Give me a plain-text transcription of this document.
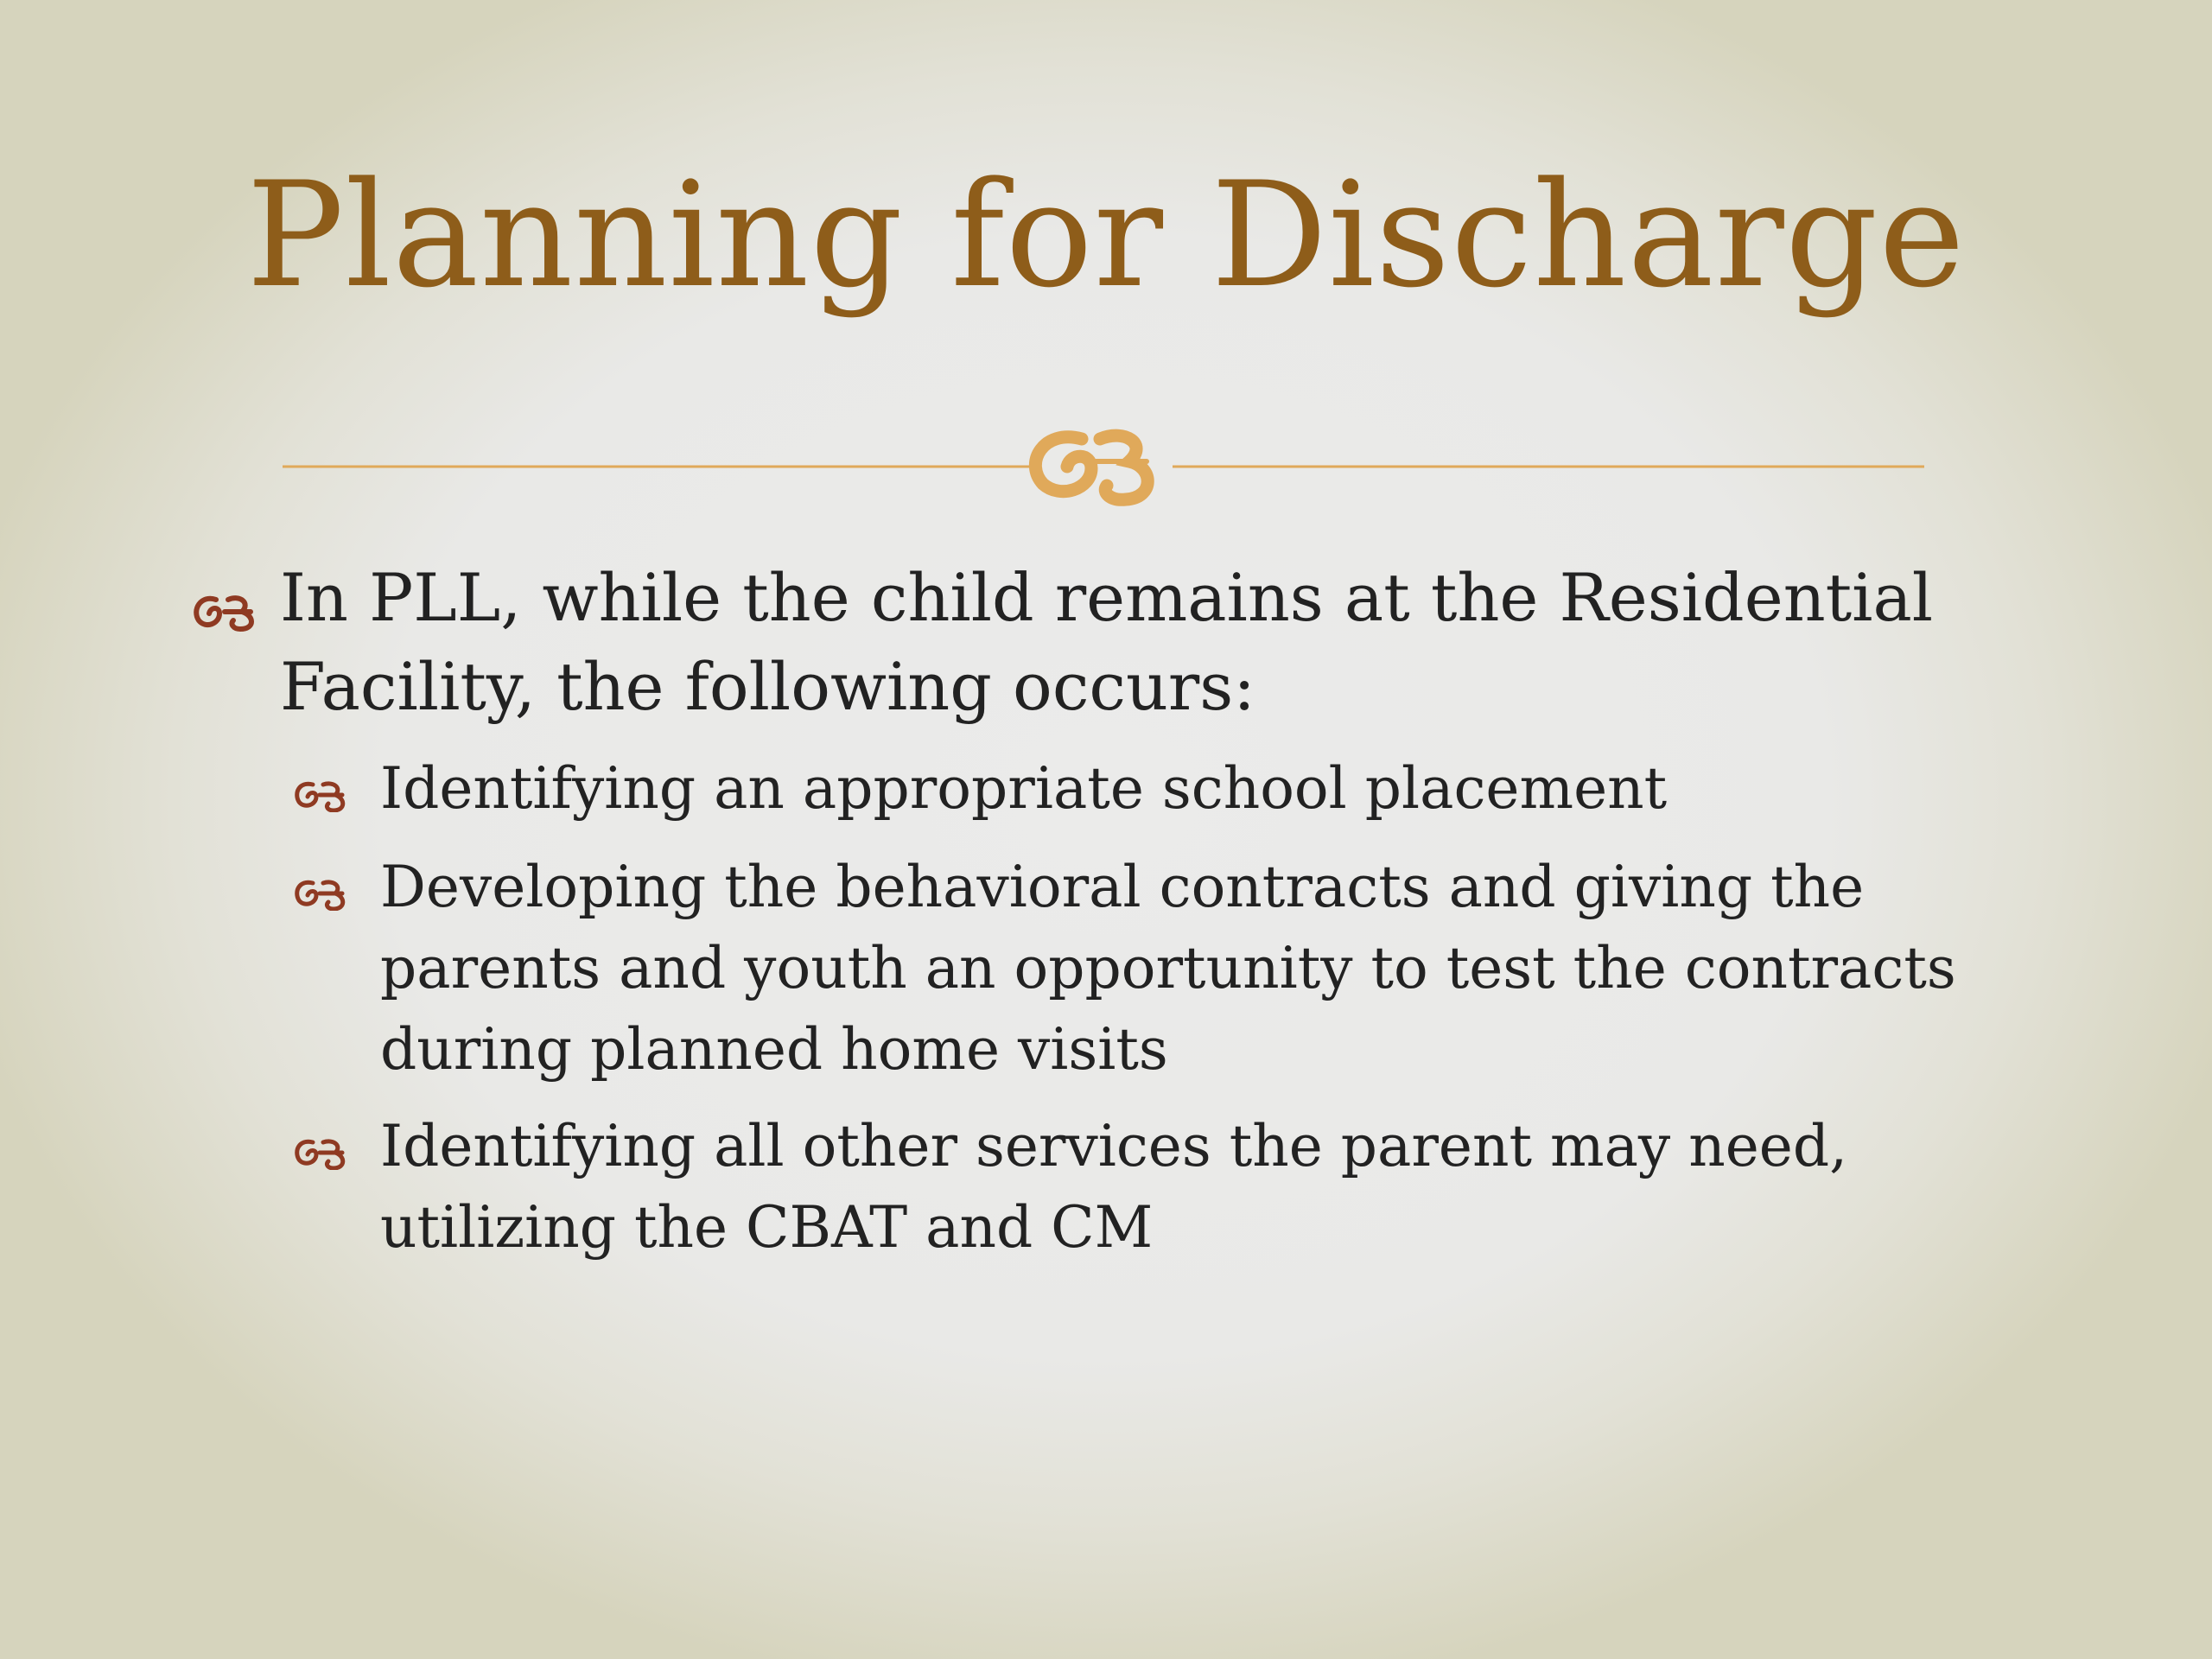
Planning for Discharge
In PLL, while the child remains at the Residential Facility, the following occurs:
Identifying an appropriate school placement
Developing the behavioral contracts and giving the parents and youth an opportunity to test the contracts during planned home visits
Identifying all other services the parent may need, utilizing the CBAT and CM
